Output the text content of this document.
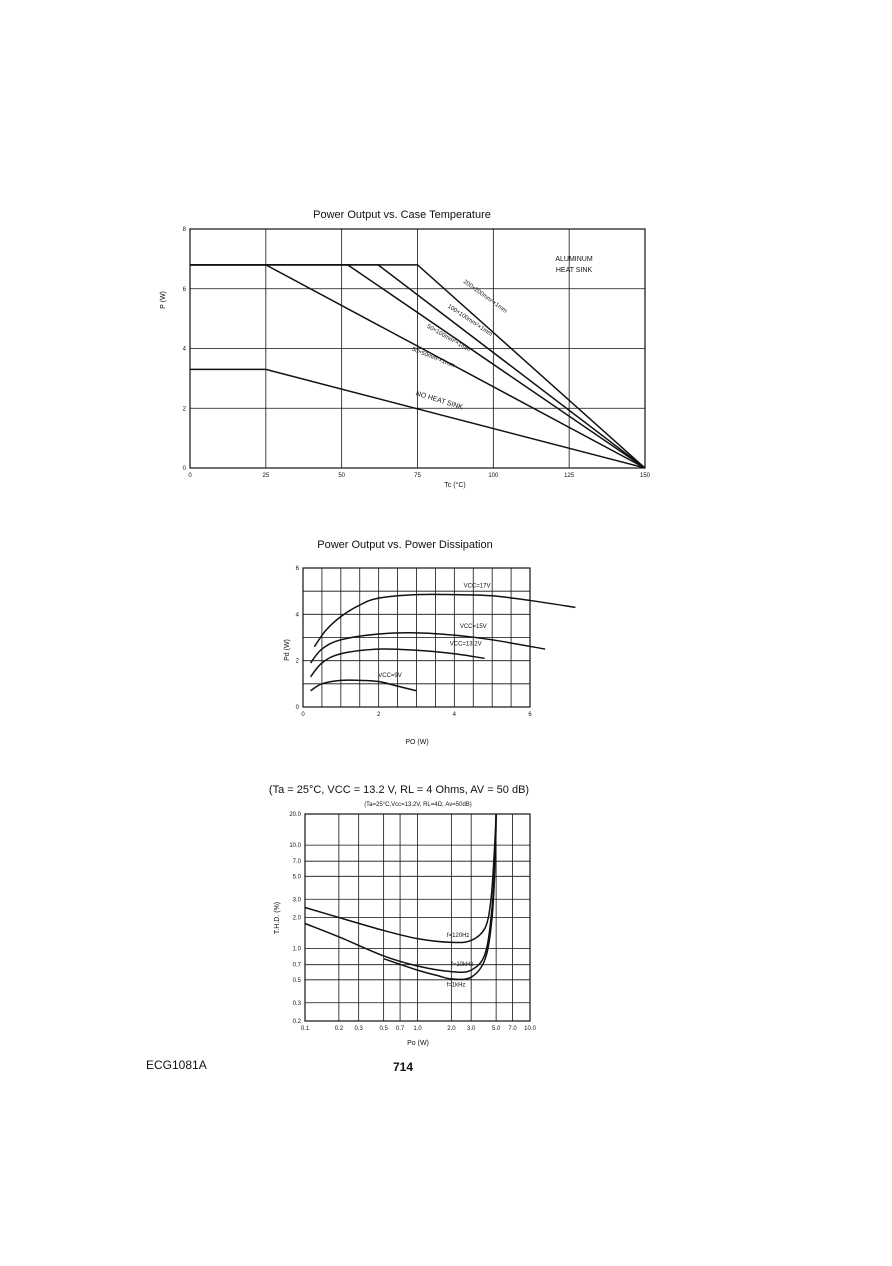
Power Output vs. Case Temperature
Tc (°C)
P (W)
ALUMINUM
HEAT SINK
0	25	50	75	100	125	150
0
2
4
6
8
200×200mm²×1mm
100×100mm²×1mm
50×100mm²×1mm
50×50mm²×1mm
NO HEAT SINK
Power Output vs. Power Dissipation
PO (W)
Pd (W)
0	2	4	6
0
2
4
6
VCC=17V
VCC=15V
VCC=13.2V
VCC=9V
(Ta = 25°C, VCC = 13.2 V, RL = 4 Ohms, AV = 50 dB)
(Ta=25°C,Vcc=13.2V, RL=4Ω, Av=50dB)
Po (W)
T.H.D. (%)
0.1	0.2 0.3	0.5 0.7 1.0	2.0 3.0	5.0 7.0 10.0
0.2
0.3
0.5
0.7
1.0
2.0
3.0
5.0
7.0
10.0
20.0
f=120Hz
f=10kHz
f=1kHz
ECG1081A	714
